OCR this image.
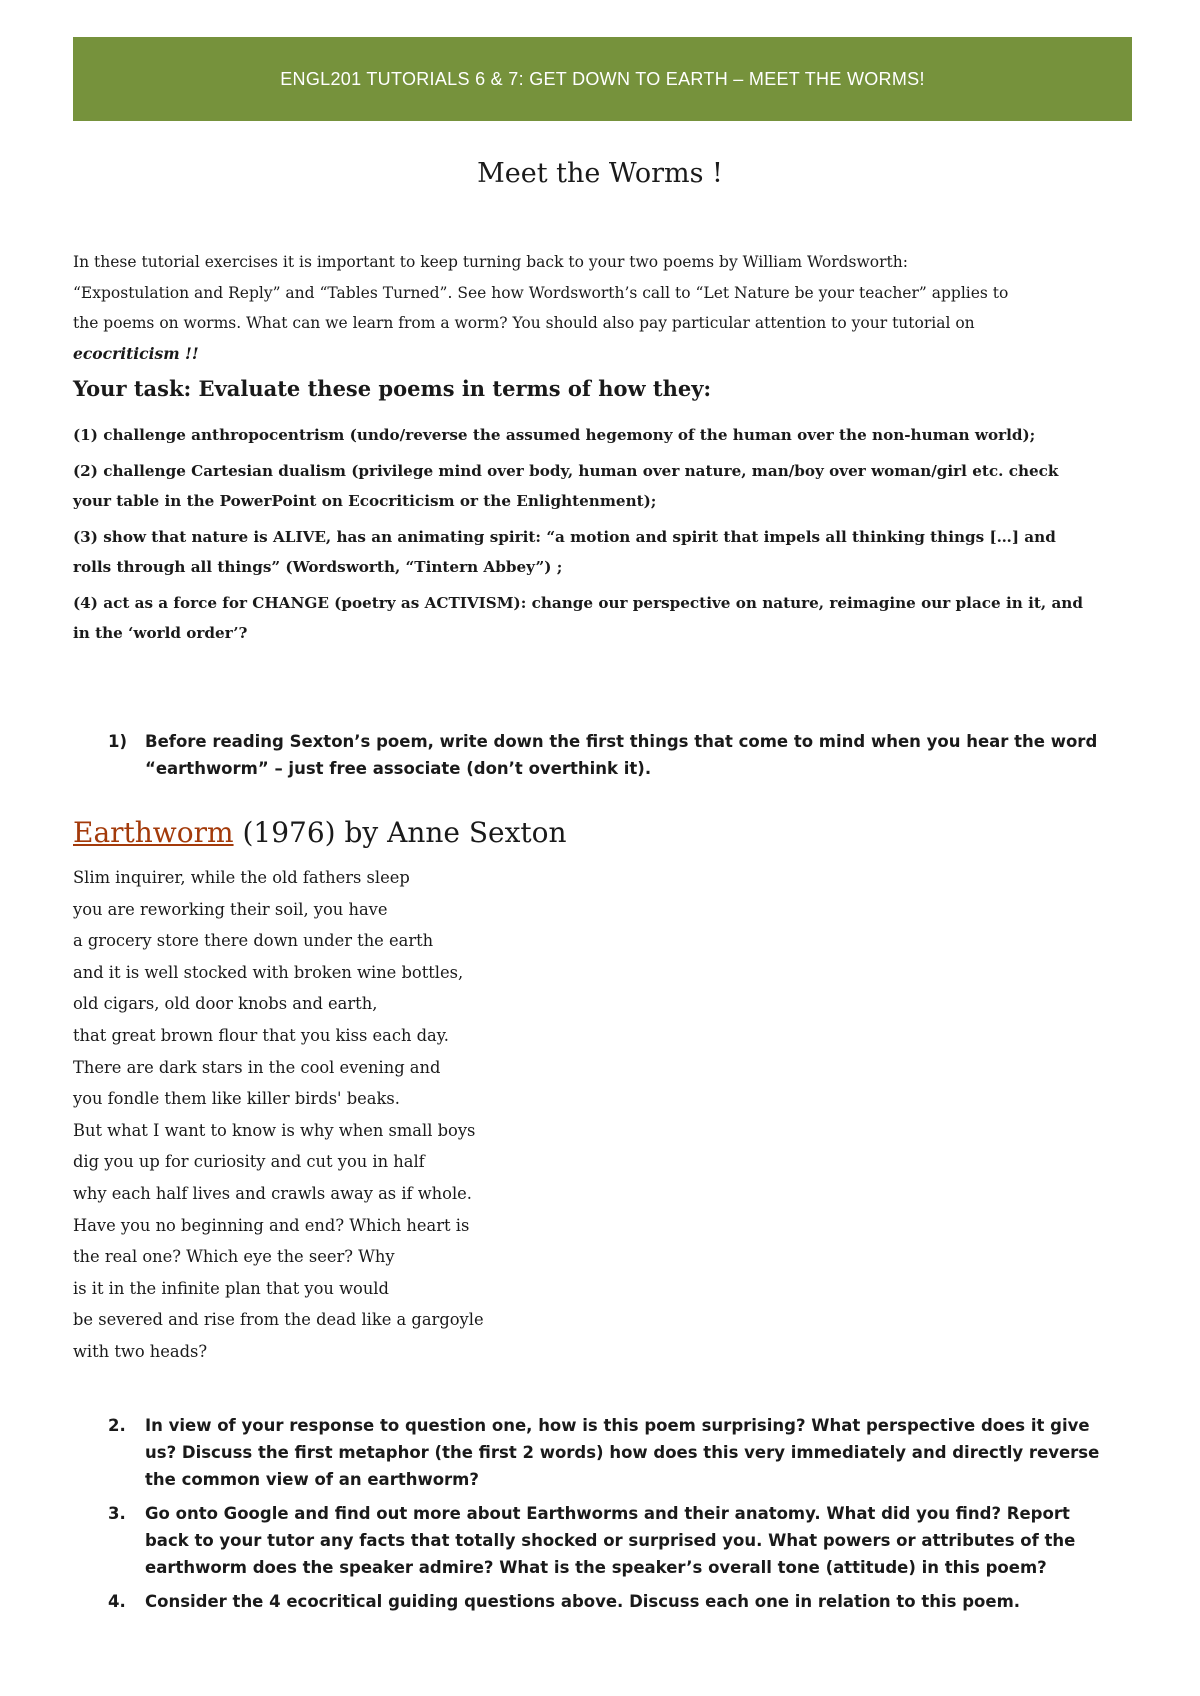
ENGL201 TUTORIALS 6 & 7: GET DOWN TO EARTH – MEET THE WORMS!
Meet the Worms !
In these tutorial exercises it is important to keep turning back to your two poems by William Wordsworth:
“Expostulation and Reply” and “Tables Turned”. See how Wordsworth’s call to “Let Nature be your teacher” applies to
the poems on worms. What can we learn from a worm? You should also pay particular attention to your tutorial on
ecocriticism !!
Your task: Evaluate these poems in terms of how they:

(1) challenge anthropocentrism (undo/reverse the assumed hegemony of the human over the non-human world);

(2) challenge Cartesian dualism (privilege mind over body, human over nature, man/boy over woman/girl etc. check
your table in the PowerPoint on Ecocriticism or the Enlightenment);

(3) show that nature is ALIVE, has an animating spirit: “a motion and spirit that impels all thinking things […] and
rolls through all things” (Wordsworth, “Tintern Abbey”) ;

(4) act as a force for CHANGE (poetry as ACTIVISM): change our perspective on nature, reimagine our place in it, and
in the ‘world order’?

1) Before reading Sexton’s poem, write down the first things that come to mind when you hear the word
“earthworm” – just free associate (don’t overthink it).
Earthworm (1976) by Anne Sexton
Slim inquirer, while the old fathers sleep
you are reworking their soil, you have
a grocery store there down under the earth
and it is well stocked with broken wine bottles,
old cigars, old door knobs and earth,
that great brown flour that you kiss each day.
There are dark stars in the cool evening and
you fondle them like killer birds' beaks.
But what I want to know is why when small boys
dig you up for curiosity and cut you in half
why each half lives and crawls away as if whole.
Have you no beginning and end? Which heart is
the real one? Which eye the seer? Why
is it in the infinite plan that you would
be severed and rise from the dead like a gargoyle
with two heads?
2. In view of your response to question one, how is this poem surprising? What perspective does it give
us? Discuss the first metaphor (the first 2 words) how does this very immediately and directly reverse
the common view of an earthworm?
3. Go onto Google and find out more about Earthworms and their anatomy. What did you find? Report
back to your tutor any facts that totally shocked or surprised you. What powers or attributes of the
earthworm does the speaker admire? What is the speaker’s overall tone (attitude) in this poem?
4. Consider the 4 ecocritical guiding questions above. Discuss each one in relation to this poem.
